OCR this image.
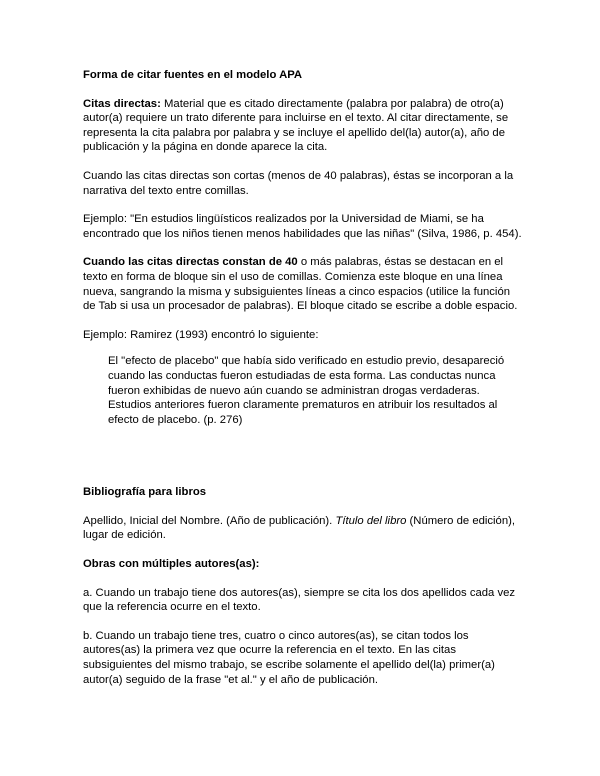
Forma de citar fuentes en el modelo APA

Citas directas: Material que es citado directamente (palabra por palabra) de otro(a) autor(a) requiere un trato diferente para incluirse en el texto. Al citar directamente, se representa la cita palabra por palabra y se incluye el apellido del(la) autor(a), año de publicación y la página en donde aparece la cita.

Cuando las citas directas son cortas (menos de 40 palabras), éstas se incorporan a la narrativa del texto entre comillas.

Ejemplo: "En estudios lingüísticos realizados por la Universidad de Miami, se ha encontrado que los niños tienen menos habilidades que las niñas" (Silva, 1986, p. 454).

Cuando las citas directas constan de 40 o más palabras, éstas se destacan en el texto en forma de bloque sin el uso de comillas. Comienza este bloque en una línea nueva, sangrando la misma y subsiguientes líneas a cinco espacios (utilice la función de Tab si usa un procesador de palabras). El bloque citado se escribe a doble espacio.

Ejemplo: Ramirez (1993) encontró lo siguiente:

El "efecto de placebo" que había sido verificado en estudio previo, desapareció cuando las conductas fueron estudiadas de esta forma. Las conductas nunca fueron exhibidas de nuevo aún cuando se administran drogas verdaderas. Estudios anteriores fueron claramente prematuros en atribuir los resultados al efecto de placebo. (p. 276)

Bibliografía para libros

Apellido, Inicial del Nombre. (Año de publicación). Título del libro (Número de edición), lugar de edición.

Obras con múltiples autores(as):

a. Cuando un trabajo tiene dos autores(as), siempre se cita los dos apellidos cada vez que la referencia ocurre en el texto.

b. Cuando un trabajo tiene tres, cuatro o cinco autores(as), se citan todos los autores(as) la primera vez que ocurre la referencia en el texto. En las citas subsiguientes del mismo trabajo, se escribe solamente el apellido del(la) primer(a) autor(a) seguido de la frase "et al." y el año de publicación.
